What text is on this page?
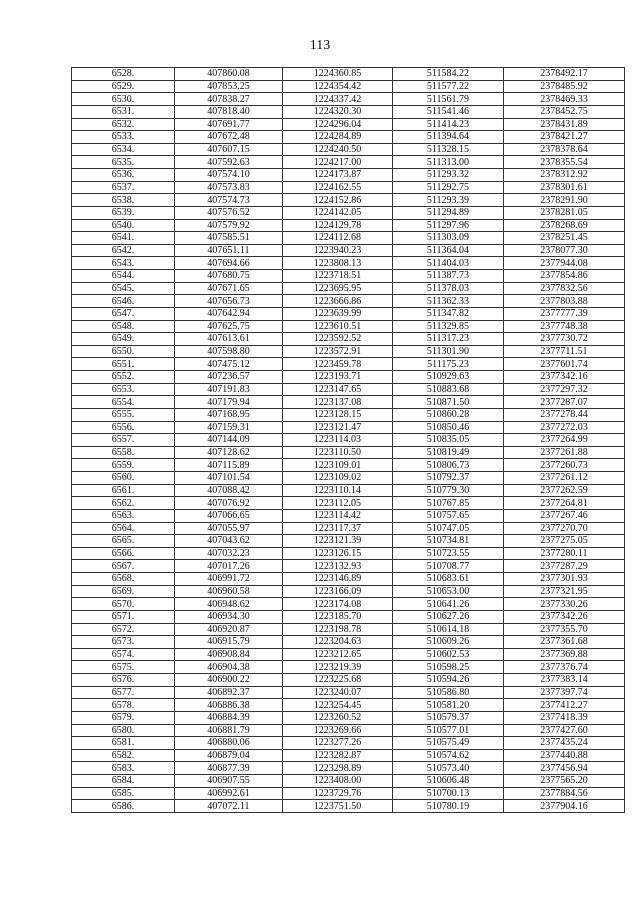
113
6528.	407860.08	1224360.85	511584.22	2378492.17
6529.	407853.25	1224354.42	511577.22	2378485.92
6530.	407838.27	1224337.42	511561.79	2378469.33
6531.	407818.40	1224320.30	511541.46	2378452.75
6532.	407691.77	1224296.04	511414.23	2378431.89
6533.	407672.48	1224284.89	511394.64	2378421.27
6534.	407607.15	1224240.50	511328.15	2378378.64
6535.	407592.63	1224217.00	511313.00	2378355.54
6536.	407574.10	1224173.87	511293.32	2378312.92
6537.	407573.83	1224162.55	511292.75	2378301.61
6538.	407574.73	1224152.86	511293.39	2378291.90
6539.	407576.52	1224142.05	511294.89	2378281.05
6540.	407579.92	1224129.78	511297.96	2378268.69
6541.	407585.51	1224112.68	511303.09	2378251.45
6542.	407651.11	1223940.23	511364.04	2378077.30
6543.	407694.66	1223808.13	511404.03	2377944.08
6544.	407680.75	1223718.51	511387.73	2377854.86
6545.	407671.65	1223695.95	511378.03	2377832.56
6546.	407656.73	1223666.86	511362.33	2377803.88
6547.	407642.94	1223639.99	511347.82	2377777.39
6548.	407625.75	1223610.51	511329.85	2377748.38
6549.	407613.61	1223592.52	511317.23	2377730.72
6550.	407598.80	1223572.91	511301.90	2377711.51
6551.	407475.12	1223459.78	511175.23	2377601.74
6552.	407236.57	1223193.71	510929.63	2377342.16
6553.	407191.83	1223147.65	510883.68	2377297.32
6554.	407179.94	1223137.08	510871.50	2377287.07
6555.	407168.95	1223128.15	510860.28	2377278.44
6556.	407159.31	1223121.47	510850.46	2377272.03
6557.	407144.09	1223114.03	510835.05	2377264.99
6558.	407128.62	1223110.50	510819.49	2377261.88
6559.	407115.89	1223109.01	510806.73	2377260.73
6560.	407101.54	1223109.02	510792.37	2377261.12
6561.	407088.42	1223110.14	510779.30	2377262.59
6562.	407076.92	1223112.05	510767.85	2377264.81
6563.	407066.65	1223114.42	510757.65	2377267.46
6564.	407055.97	1223117.37	510747.05	2377270.70
6565.	407043.62	1223121.39	510734.81	2377275.05
6566.	407032.23	1223126.15	510723.55	2377280.11
6567.	407017.26	1223132.93	510708.77	2377287.29
6568.	406991.72	1223146.89	510683.61	2377301.93
6569.	406960.58	1223166.09	510653.00	2377321.95
6570.	406948.62	1223174.08	510641.26	2377330.26
6571.	406934.30	1223185.70	510627.26	2377342.26
6572.	406920.87	1223198.78	510614.18	2377355.70
6573.	406915.79	1223204.63	510609.26	2377361.68
6574.	406908.84	1223212.65	510602.53	2377369.88
6575.	406904.38	1223219.39	510598.25	2377376.74
6576.	406900.22	1223225.68	510594.26	2377383.14
6577.	406892.37	1223240.07	510586.80	2377397.74
6578.	406886.38	1223254.45	510581.20	2377412.27
6579.	406884.39	1223260.52	510579.37	2377418.39
6580.	406881.79	1223269.66	510577.01	2377427.60
6581.	406880.06	1223277.26	510575.49	2377435.24
6582.	406879.04	1223282.87	510574.62	2377440.88
6583.	406877.39	1223298.89	510573.40	2377456.94
6584.	406907.55	1223408.00	510606.48	2377565.20
6585.	406992.61	1223729.76	510700.13	2377884.56
6586.	407072.11	1223751.50	510780.19	2377904.16
